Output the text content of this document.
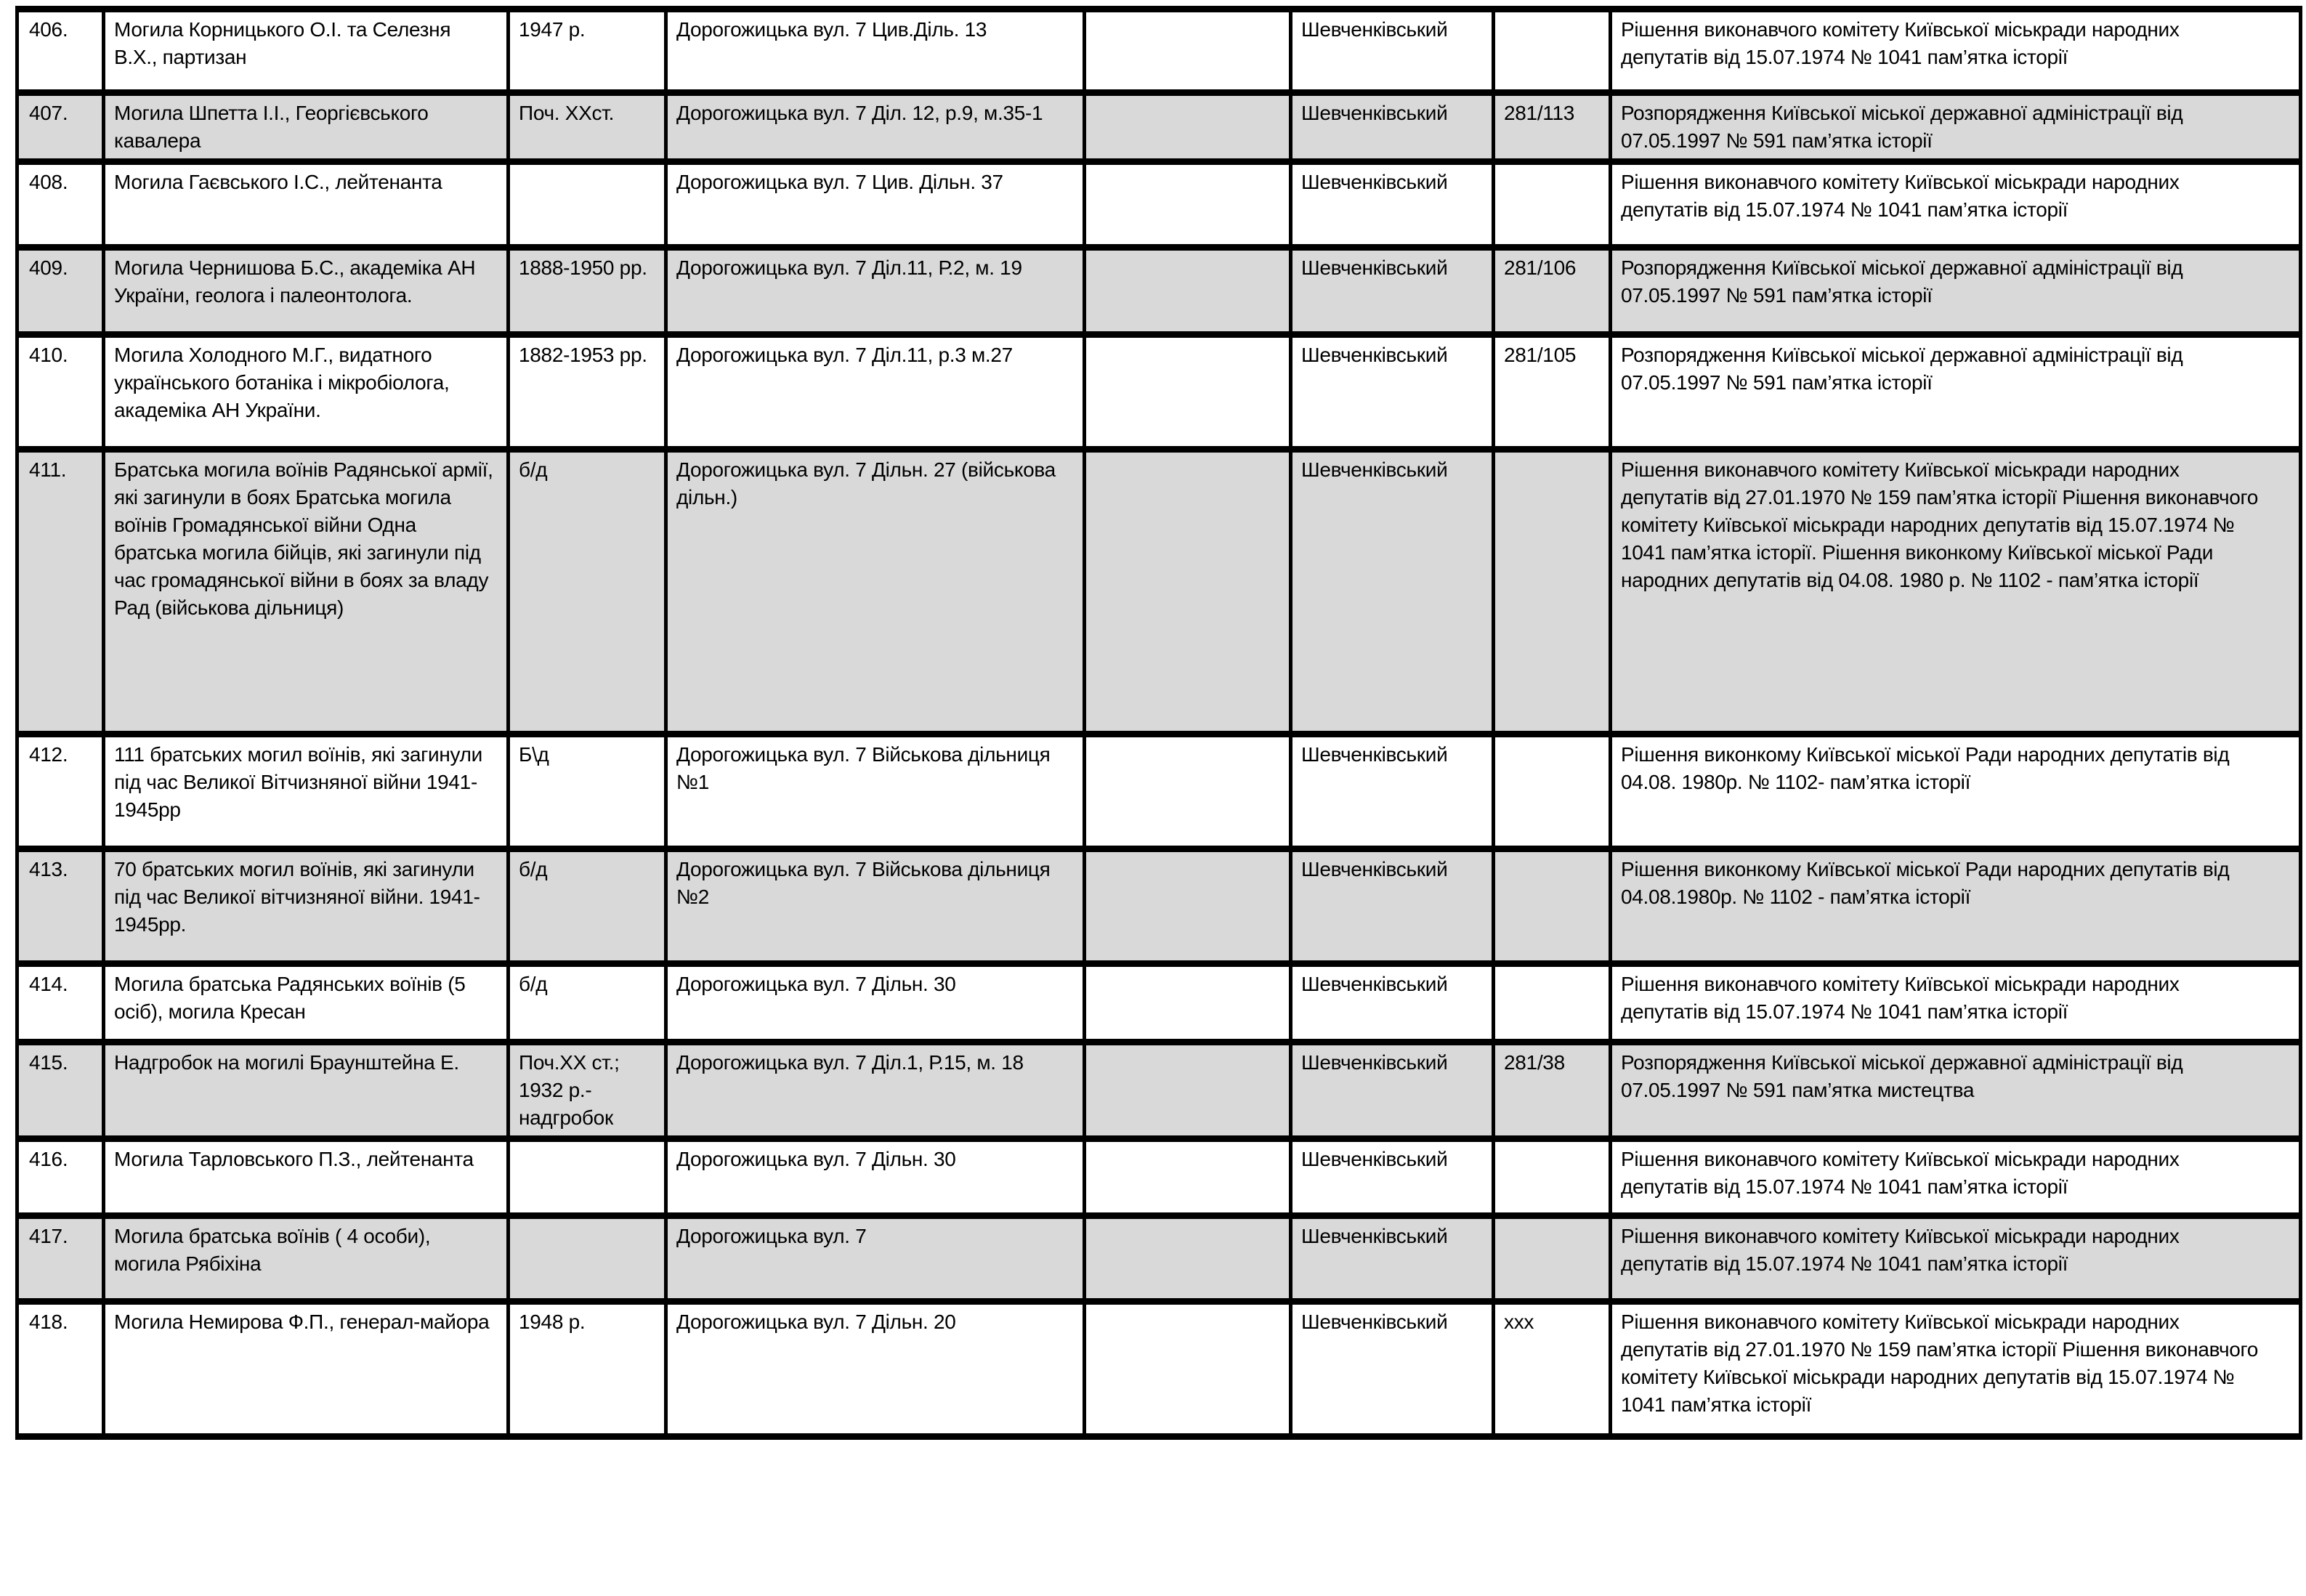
406.	Могила Корницького О.І. та Селезня В.Х., партизан	1947 р.	Дорогожицька вул. 7 Цив.Діль. 13		Шевченківський		Рішення виконавчого комітету Київської міськради народних депутатів від 15.07.1974 № 1041 пам’ятка історії
407.	Могила Шпетта І.І., Георгієвського кавалера	Поч. ХХст.	Дорогожицька вул. 7 Діл. 12, р.9, м.35-1		Шевченківський	281/113	Розпорядження Київської міської державної адміністрації від 07.05.1997 № 591 пам’ятка історії
408.	Могила Гаєвського І.С., лейтенанта		Дорогожицька вул. 7 Цив. Дільн. 37		Шевченківський		Рішення виконавчого комітету Київської міськради народних депутатів від 15.07.1974 № 1041 пам’ятка історії
409.	Могила Чернишова Б.С., академіка АН України, геолога і палеонтолога.	1888-1950 рр.	Дорогожицька вул. 7 Діл.11, Р.2, м. 19		Шевченківський	281/106	Розпорядження Київської міської державної адміністрації від 07.05.1997 № 591 пам’ятка історії
410.	Могила Холодного М.Г., видатного українського ботаніка і мікробіолога, академіка АН України.	1882-1953 рр.	Дорогожицька вул. 7 Діл.11, р.3 м.27		Шевченківський	281/105	Розпорядження Київської міської державної адміністрації від 07.05.1997 № 591 пам’ятка історії
411.	Братська могила воїнів Радянської армії, які загинули в боях Братська могила воїнів Громадянської війни Одна братська могила бійців, які загинули під час громадянської війни в боях за владу Рад (військова дільниця)	б/д	Дорогожицька вул. 7 Дільн. 27 (військова дільн.)		Шевченківський		Рішення виконавчого комітету Київської міськради народних депутатів від 27.01.1970 № 159 пам’ятка історії Рішення виконавчого комітету Київської міськради народних депутатів від 15.07.1974 № 1041 пам’ятка історії. Рішення виконкому Київської міської Ради народних депутатів від 04.08. 1980 р. № 1102 - пам’ятка історії
412.	111 братських могил воїнів, які загинули під час Великої Вітчизняної війни 1941-1945рр	Б\д	Дорогожицька вул. 7 Військова дільниця №1		Шевченківський		Рішення виконкому Київської міської Ради народних депутатів від 04.08. 1980р. № 1102- пам’ятка історії
413.	70 братських могил воїнів, які загинули під час Великої вітчизняної війни. 1941-1945рр.	б/д	Дорогожицька вул. 7 Військова дільниця №2		Шевченківський		Рішення виконкому Київської міської Ради народних депутатів від 04.08.1980р. № 1102 - пам’ятка історії
414.	Могила братська Радянських воїнів (5 осіб), могила Кресан	б/д	Дорогожицька вул. 7 Дільн. 30		Шевченківський		Рішення виконавчого комітету Київської міськради народних депутатів від 15.07.1974 № 1041 пам’ятка історії
415.	Надгробок на могилі Браунштейна Е.	Поч.ХХ ст.; 1932 р.- надгробок	Дорогожицька вул. 7 Діл.1, Р.15, м. 18		Шевченківський	281/38	Розпорядження Київської міської державної адміністрації від 07.05.1997 № 591 пам’ятка мистецтва
416.	Могила Тарловського П.З., лейтенанта		Дорогожицька вул. 7 Дільн. 30		Шевченківський		Рішення виконавчого комітету Київської міськради народних депутатів від 15.07.1974 № 1041 пам’ятка історії
417.	Могила братська воїнів ( 4 особи), могила Рябіхіна		Дорогожицька вул. 7		Шевченківський		Рішення виконавчого комітету Київської міськради народних депутатів від 15.07.1974 № 1041 пам’ятка історії
418.	Могила Немирова Ф.П., генерал-майора	1948 р.	Дорогожицька вул. 7 Дільн. 20		Шевченківський	ххх	Рішення виконавчого комітету Київської міськради народних депутатів від 27.01.1970 № 159 пам’ятка історії Рішення виконавчого комітету Київської міськради народних депутатів від 15.07.1974 № 1041 пам’ятка історії
